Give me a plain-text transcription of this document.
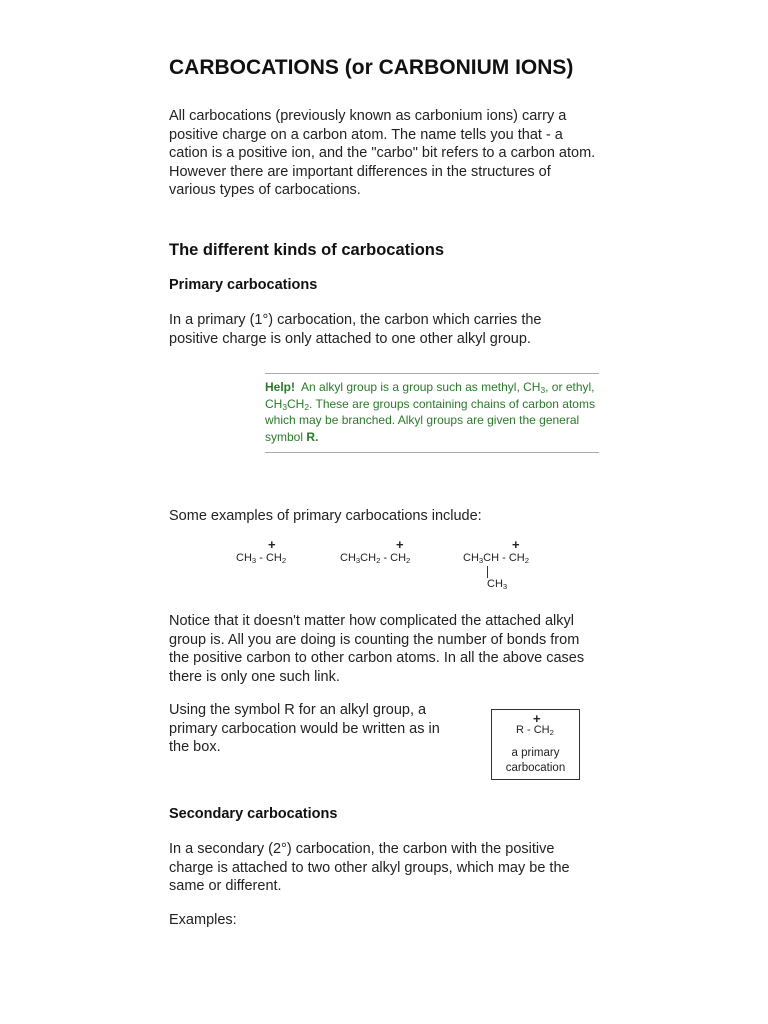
CARBOCATIONS (or CARBONIUM IONS)

All carbocations (previously known as carbonium ions) carry a positive charge on a carbon atom. The name tells you that - a cation is a positive ion, and the "carbo" bit refers to a carbon atom. However there are important differences in the structures of various types of carbocations.

The different kinds of carbocations
Primary carbocations

In a primary (1°) carbocation, the carbon which carries the positive charge is only attached to one other alkyl group.

Help! An alkyl group is a group such as methyl, $CH_3$, or ethyl, $CH_3CH_2$. These are groups containing chains of carbon atoms which may be branched. Alkyl groups are given the general symbol R.

Some examples of primary carbocations include:

+
$CH_3 - CH_2$
+
$CH_3CH_2 - CH_2$
+
$CH_3CH - CH_2$
$CH_3$

Notice that it doesn't matter how complicated the attached alkyl group is. All you are doing is counting the number of bonds from the positive carbon to other carbon atoms. In all the above cases there is only one such link.

Using the symbol R for an alkyl group, a primary carbocation would be written as in the box.

+
R - $CH_2$
a primary
carbocation
Secondary carbocations

In a secondary (2°) carbocation, the carbon with the positive charge is attached to two other alkyl groups, which may be the same or different.

Examples:
